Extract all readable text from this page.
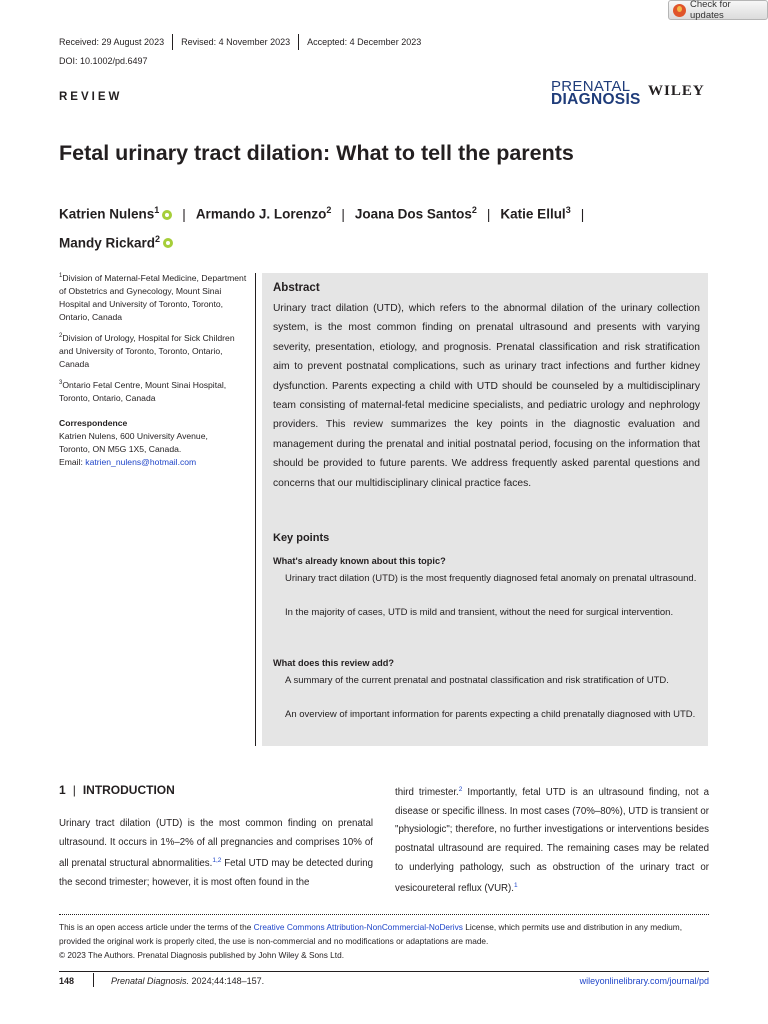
Check for updates
Received: 29 August 2023 Revised: 4 November 2023 Accepted: 4 December 2023
DOI: 10.1002/pd.6497
REVIEW
PRENATAL
DIAGNOSIS WILEY
Fetal urinary tract dilation: What to tell the parents
Katrien Nulens$^1$ | Armando J. Lorenzo$^2$ | Joana Dos Santos$^2$ | Katie Ellul$^3$ |
Mandy Rickard$^2$

$^1$Division of Maternal-Fetal Medicine, Department of Obstetrics and Gynecology, Mount Sinai Hospital and University of Toronto, Toronto, Ontario, Canada

$^2$Division of Urology, Hospital for Sick Children and University of Toronto, Toronto, Ontario, Canada

$^3$Ontario Fetal Centre, Mount Sinai Hospital, Toronto, Ontario, Canada

Correspondence

Katrien Nulens, 600 University Avenue,
Toronto, ON M5G 1X5, Canada.
Email: katrien_nulens@hotmail.com

Abstract
Urinary tract dilation (UTD), which refers to the abnormal dilation of the urinary collection system, is the most common finding on prenatal ultrasound and presents with varying severity, presentation, etiology, and prognosis. Prenatal classification and risk stratification aim to prevent postnatal complications, such as urinary tract infections and further kidney dysfunction. Parents expecting a child with UTD should be counseled by a multidisciplinary team consisting of maternal-fetal medicine specialists, and pediatric urology and nephrology providers. This review summarizes the key points in the diagnostic evaluation and management during the prenatal and initial postnatal period, focusing on the information that should be provided to future parents. We address frequently asked parental questions and concerns that our multidisciplinary clinical practice faces.
Key points
What's already known about this topic?
Urinary tract dilation (UTD) is the most frequently diagnosed fetal anomaly on prenatal ultrasound.
In the majority of cases, UTD is mild and transient, without the need for surgical intervention.
What does this review add?
A summary of the current prenatal and postnatal classification and risk stratification of UTD.
An overview of important information for parents expecting a child prenatally diagnosed with UTD.
1 | INTRODUCTION
Urinary tract dilation (UTD) is the most common finding on prenatal ultrasound. It occurs in 1%–2% of all pregnancies and comprises 10% of all prenatal structural abnormalities.$^{1,2}$ Fetal UTD may be detected during the second trimester; however, it is most often found in the
third trimester.$^2$ Importantly, fetal UTD is an ultrasound finding, not a disease or specific illness. In most cases (70%–80%), UTD is transient or "physiologic"; therefore, no further investigations or interventions besides postnatal ultrasound are required. The remaining cases may be related to underlying pathology, such as obstruction of the urinary tract or vesicoureteral reflux (VUR).$^1$
This is an open access article under the terms of the Creative Commons Attribution-NonCommercial-NoDerivs License, which permits use and distribution in any medium, provided the original work is properly cited, the use is non-commercial and no modifications or adaptations are made.
© 2023 The Authors. Prenatal Diagnosis published by John Wiley & Sons Ltd.
148	Prenatal Diagnosis. 2024;44:148–157.	wileyonlinelibrary.com/journal/pd
